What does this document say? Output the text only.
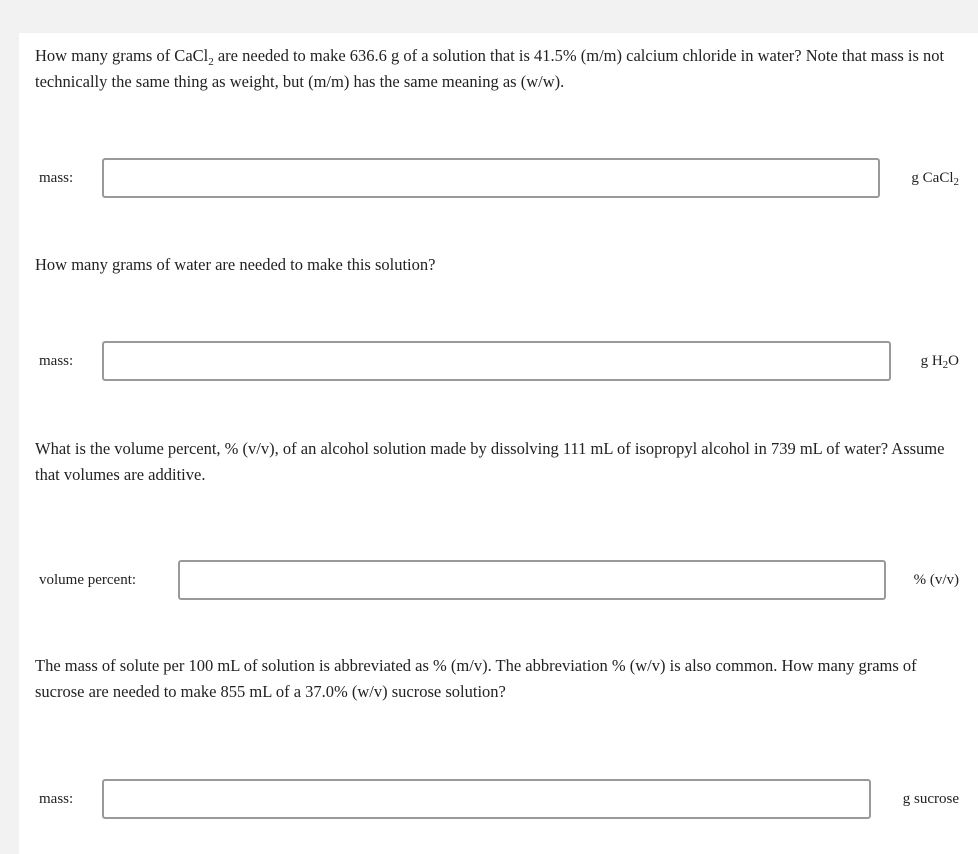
How many grams of CaCl$_2$ are needed to make 636.6 g of a solution that is 41.5% (m/m) calcium chloride in water? Note that mass is not technically the same thing as weight, but (m/m) has the same meaning as (w/w).
mass:	g CaCl$_2$
How many grams of water are needed to make this solution?
mass:	g $H_2O$
What is the volume percent, % (v/v), of an alcohol solution made by dissolving 111 mL of isopropyl alcohol in 739 mL of water? Assume that volumes are additive.
volume percent:	% (v/v)
The mass of solute per 100 mL of solution is abbreviated as % (m/v). The abbreviation % (w/v) is also common. How many grams of sucrose are needed to make 855 mL of a 37.0% (w/v) sucrose solution?
mass:	g sucrose
